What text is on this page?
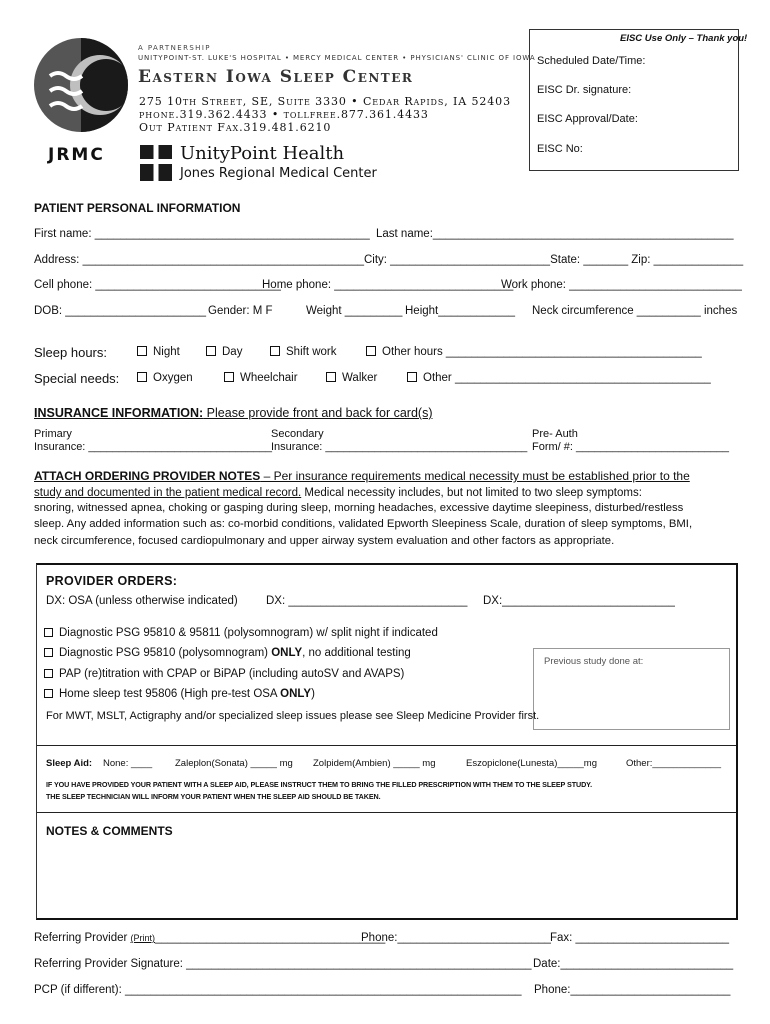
A PARTNERSHIP
UNITYPOINT-ST. LUKE'S HOSPITAL • MERCY MEDICAL CENTER • PHYSICIANS' CLINIC OF IOWA
Eastern Iowa Sleep Center
275 10th Street, SE, Suite 3330 • Cedar Rapids, IA 52403
phone.319.362.4433 • tollfree.877.361.4433
Out Patient Fax.319.481.6210
JRMC	UnityPoint Health
Jones Regional Medical Center
EISC Use Only – Thank you!
Scheduled Date/Time:
EISC Dr. signature:
EISC Approval/Date:
EISC No:
PATIENT PERSONAL INFORMATION
First name: ___________________________________________ Last name:_______________________________________________
Address: ____________________________________________City: _________________________State: _______ Zip: ______________
Cell phone: _____________________________
Home phone: ____________________________
Work phone: ___________________________
DOB: ______________________ Gender: M F	Weight _________ Height____________ Neck circumference __________ inches
Sleep hours:	Night	Day	Shift work	Other hours ________________________________________
Special needs:	Oxygen	Wheelchair	Walker	Other ________________________________________
INSURANCE INFORMATION: Please provide front and back for card(s)
Primary
Insurance: ______________________________
Secondary
Insurance: _________________________________
Pre- Auth
Form/ #: _________________________
ATTACH ORDERING PROVIDER NOTES – Per insurance requirements medical necessity must be established prior to the
study and documented in the patient medical record. Medical necessity includes, but not limited to two sleep symptoms:
snoring, witnessed apnea, choking or gasping during sleep, morning headaches, excessive daytime sleepiness, disturbed/restless
sleep. Any added information such as: co-morbid conditions, validated Epworth Sleepiness Scale, duration of sleep symptoms, BMI,
neck circumference, focused cardiopulmonary and upper airway system evaluation and other factors as appropriate.
PROVIDER ORDERS:
DX: OSA (unless otherwise indicated) DX: ____________________________ DX:___________________________
Diagnostic PSG 95810 & 95811 (polysomnogram) w/ split night if indicated
Diagnostic PSG 95810 (polysomnogram) ONLY, no additional testing
PAP (re)titration with CPAP or BiPAP (including autoSV and AVAPS)
Home sleep test 95806 (High pre-test OSA ONLY)
Previous study done at:
For MWT, MSLT, Actigraphy and/or specialized sleep issues please see Sleep Medicine Provider first.
Sleep Aid: None: ____ Zaleplon(Sonata) _____ mg Zolpidem(Ambien) _____ mg	Eszopiclone(Lunesta)_____mg	Other:_____________
IF YOU HAVE PROVIDED YOUR PATIENT WITH A SLEEP AID, PLEASE INSTRUCT THEM TO BRING THE FILLED PRESCRIPTION WITH THEM TO THE SLEEP STUDY.
THE SLEEP TECHNICIAN WILL INFORM YOUR PATIENT WHEN THE SLEEP AID SHOULD BE TAKEN.
NOTES & COMMENTS
Referring Provider (Print)____________________________________
Phone:________________________ Fax: ________________________
Referring Provider Signature: ______________________________________________________ Date:___________________________
PCP (if different): ______________________________________________________________ Phone:_________________________
